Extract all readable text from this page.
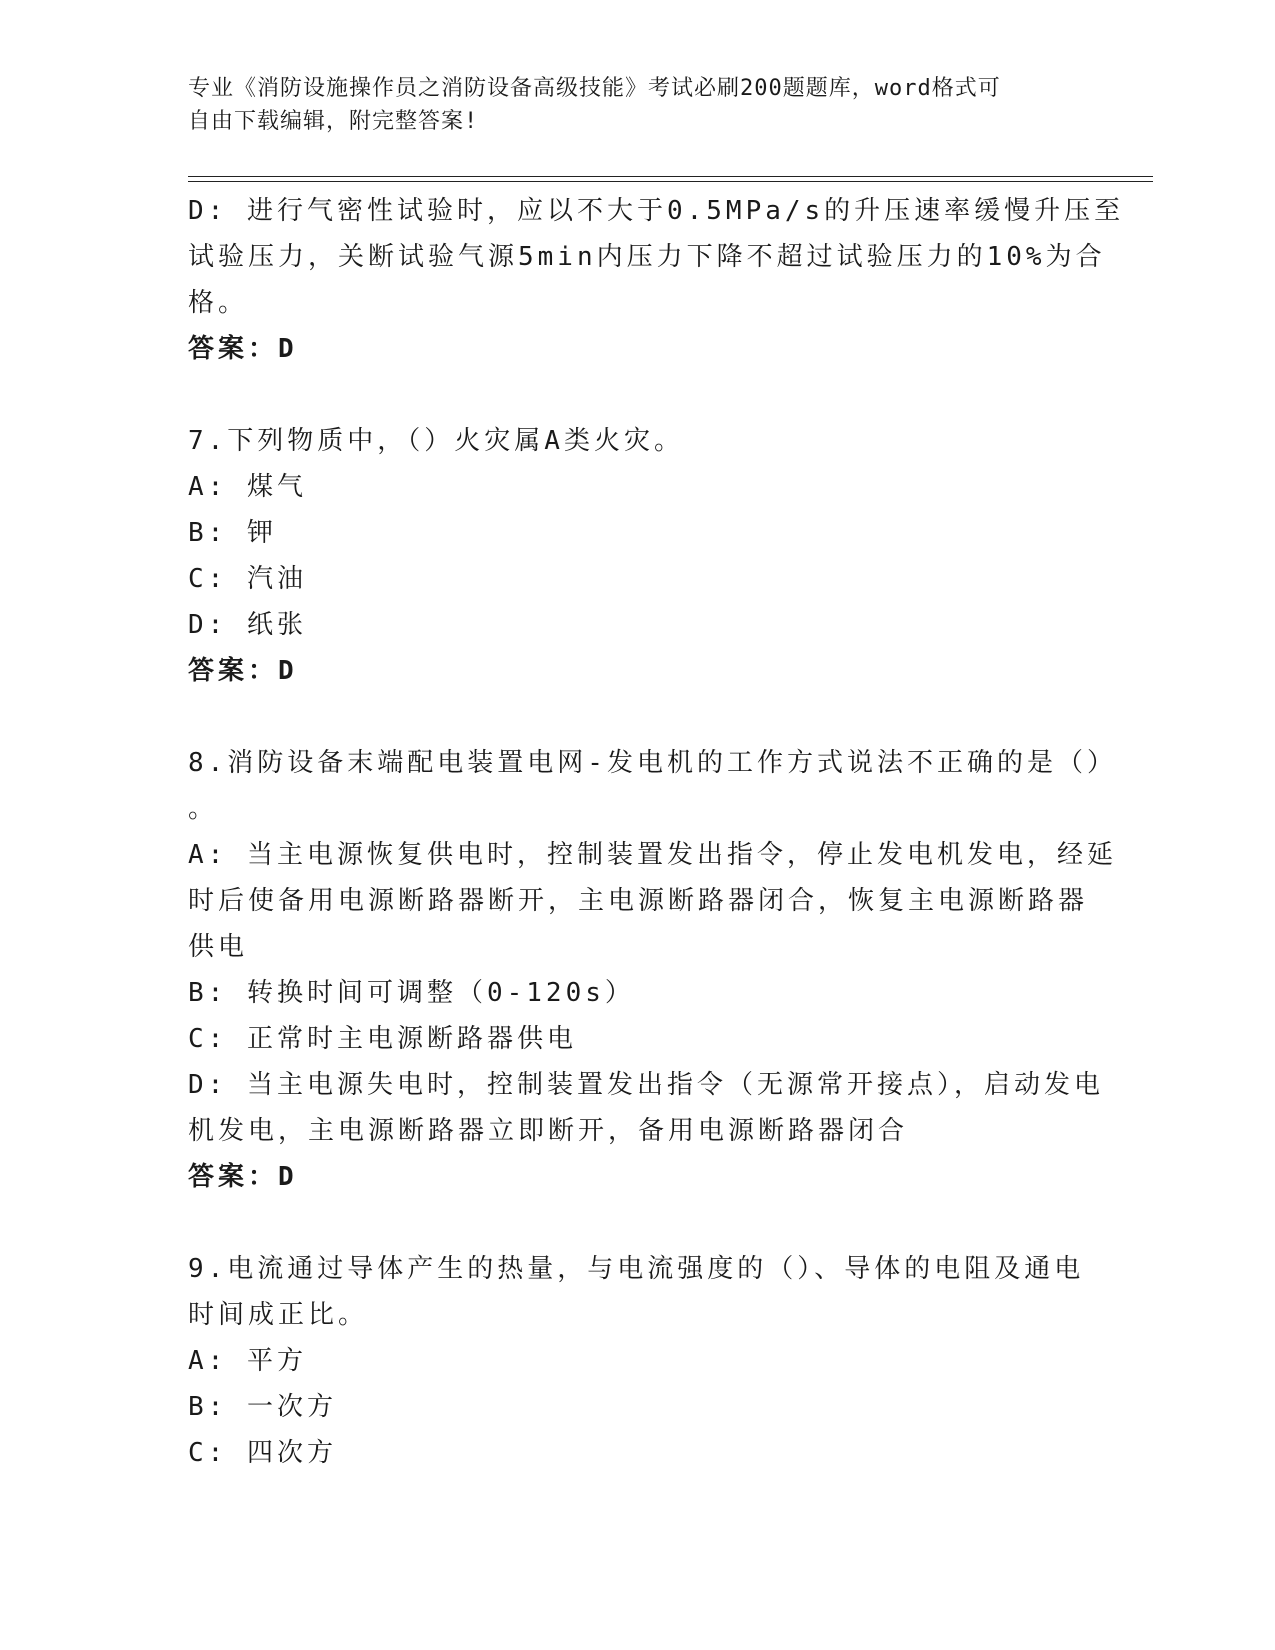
专业《消防设施操作员之消防设备高级技能》考试必刷200题题库，word格式可
自由下载编辑，附完整答案!
D: 进行气密性试验时，应以不大于0.5MPa/s的升压速率缓慢升压至
试验压力，关断试验气源5min内压力下降不超过试验压力的10%为合
格。
答案：D
7.下列物质中，（）火灾属A类火灾。
A: 煤气
B: 钾
C: 汽油
D: 纸张
答案：D
8.消防设备末端配电装置电网-发电机的工作方式说法不正确的是（）
。
A: 当主电源恢复供电时，控制装置发出指令，停止发电机发电，经延
时后使备用电源断路器断开，主电源断路器闭合，恢复主电源断路器
供电
B: 转换时间可调整（0-120s）
C: 正常时主电源断路器供电
D: 当主电源失电时，控制装置发出指令（无源常开接点），启动发电
机发电，主电源断路器立即断开，备用电源断路器闭合
答案：D
9.电流通过导体产生的热量，与电流强度的（）、导体的电阻及通电
时间成正比。
A: 平方
B: 一次方
C: 四次方
